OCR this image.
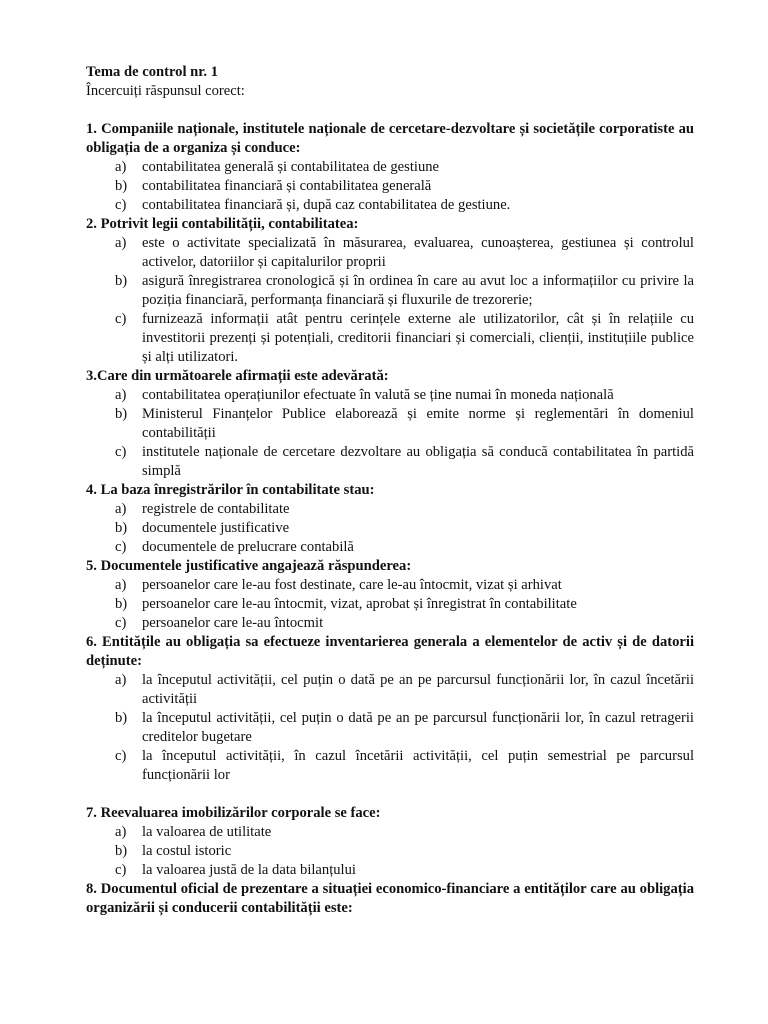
Tema de control nr. 1
Încercuiți răspunsul corect:
1. Companiile naționale, institutele naționale de cercetare-dezvoltare și societățile corporatiste au obligația de a organiza și conduce:
a)	contabilitatea generală și contabilitatea de gestiune
b)	contabilitatea financiară și contabilitatea generală
c)	contabilitatea financiară și, după caz contabilitatea de gestiune.
2. Potrivit legii contabilității, contabilitatea:
a)	este o activitate specializată în măsurarea, evaluarea, cunoașterea, gestiunea și controlul activelor, datoriilor și capitalurilor proprii
b)	asigură înregistrarea cronologică și în ordinea în care au avut loc a informațiilor cu privire la poziția financiară, performanța financiară și fluxurile de trezorerie;
c)	furnizează informații atât pentru cerințele externe ale utilizatorilor, cât și în relațiile cu investitorii prezenți și potențiali, creditorii financiari și comerciali, clienții, instituțiile publice și alți utilizatori.
3.Care din următoarele afirmații este adevărată:
a)	contabilitatea operațiunilor efectuate în valută se ține numai în moneda națională
b)	Ministerul Finanțelor Publice elaborează și emite norme și reglementări în domeniul contabilității
c)	institutele naționale de cercetare dezvoltare au obligația să conducă contabilitatea în partidă simplă
4. La baza înregistrărilor în contabilitate stau:
a)	registrele de contabilitate
b)	documentele justificative
c)	documentele de prelucrare contabilă
5. Documentele justificative angajează răspunderea:
a)	persoanelor care le-au fost destinate, care le-au întocmit, vizat și arhivat
b)	persoanelor care le-au întocmit, vizat, aprobat și înregistrat în contabilitate
c)	persoanelor care le-au întocmit
6. Entitățile au obligația sa efectueze inventarierea generala a elementelor de activ și de datorii deținute:
a)	la începutul activității, cel puțin o dată pe an pe parcursul funcționării lor, în cazul încetării activității
b)	la începutul activității, cel puțin o dată pe an pe parcursul funcționării lor, în cazul retragerii creditelor bugetare
c)	la începutul activității, în cazul încetării activității, cel puțin semestrial pe parcursul funcționării lor
7. Reevaluarea imobilizărilor corporale se face:
a)	la valoarea de utilitate
b)	la costul istoric
c)	la valoarea justă de la data bilanțului
8. Documentul oficial de prezentare a situației economico-financiare a entităților care au obligația organizării și conducerii contabilității este:
